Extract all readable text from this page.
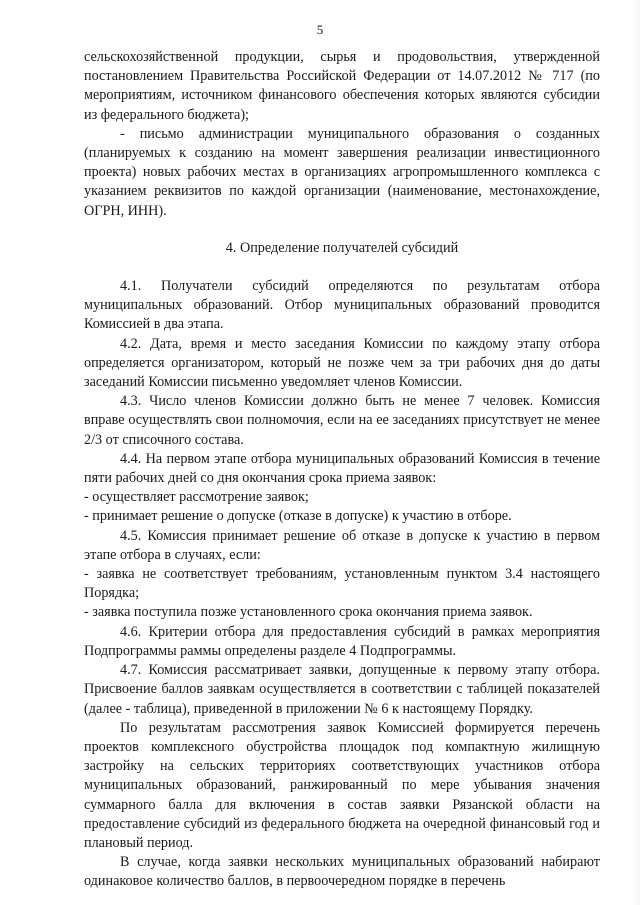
5

сельскохозяйственной продукции, сырья и продовольствия, утвержденной постановлением Правительства Российской Федерации от 14.07.2012 № 717 (по мероприятиям, источником финансового обеспечения которых являются субсидии из федерального бюджета);

- письмо администрации муниципального образования о созданных (планируемых к созданию на момент завершения реализации инвестиционного проекта) новых рабочих местах в организациях агропромышленного комплекса с указанием реквизитов по каждой организации (наименование, местонахождение, ОГРН, ИНН).

4. Определение получателей субсидий

4.1. Получатели субсидий определяются по результатам отбора муниципальных образований. Отбор муниципальных образований проводится Комиссией в два этапа.

4.2. Дата, время и место заседания Комиссии по каждому этапу отбора определяется организатором, который не позже чем за три рабочих дня до даты заседаний Комиссии письменно уведомляет членов Комиссии.

4.3. Число членов Комиссии должно быть не менее 7 человек. Комиссия вправе осуществлять свои полномочия, если на ее заседаниях присутствует не менее 2/3 от списочного состава.

4.4. На первом этапе отбора муниципальных образований Комиссия в течение пяти рабочих дней со дня окончания срока приема заявок:

- осуществляет рассмотрение заявок;

- принимает решение о допуске (отказе в допуске) к участию в отборе.

4.5. Комиссия принимает решение об отказе в допуске к участию в первом этапе отбора в случаях, если:

- заявка не соответствует требованиям, установленным пунктом 3.4 настоящего Порядка;

- заявка поступила позже установленного срока окончания приема заявок.

4.6. Критерии отбора для предоставления субсидий в рамках мероприятия Подпрограммы раммы определены разделе 4 Подпрограммы.

4.7. Комиссия рассматривает заявки, допущенные к первому этапу отбора. Присвоение баллов заявкам осуществляется в соответствии с таблицей показателей (далее - таблица), приведенной в приложении № 6 к настоящему Порядку.

По результатам рассмотрения заявок Комиссией формируется перечень проектов комплексного обустройства площадок под компактную жилищную застройку на сельских территориях соответствующих участников отбора муниципальных образований, ранжированный по мере убывания значения суммарного балла для включения в состав заявки Рязанской области на предоставление субсидий из федерального бюджета на очередной финансовый год и плановый период.

В случае, когда заявки нескольких муниципальных образований набирают одинаковое количество баллов, в первоочередном порядке в перечень
